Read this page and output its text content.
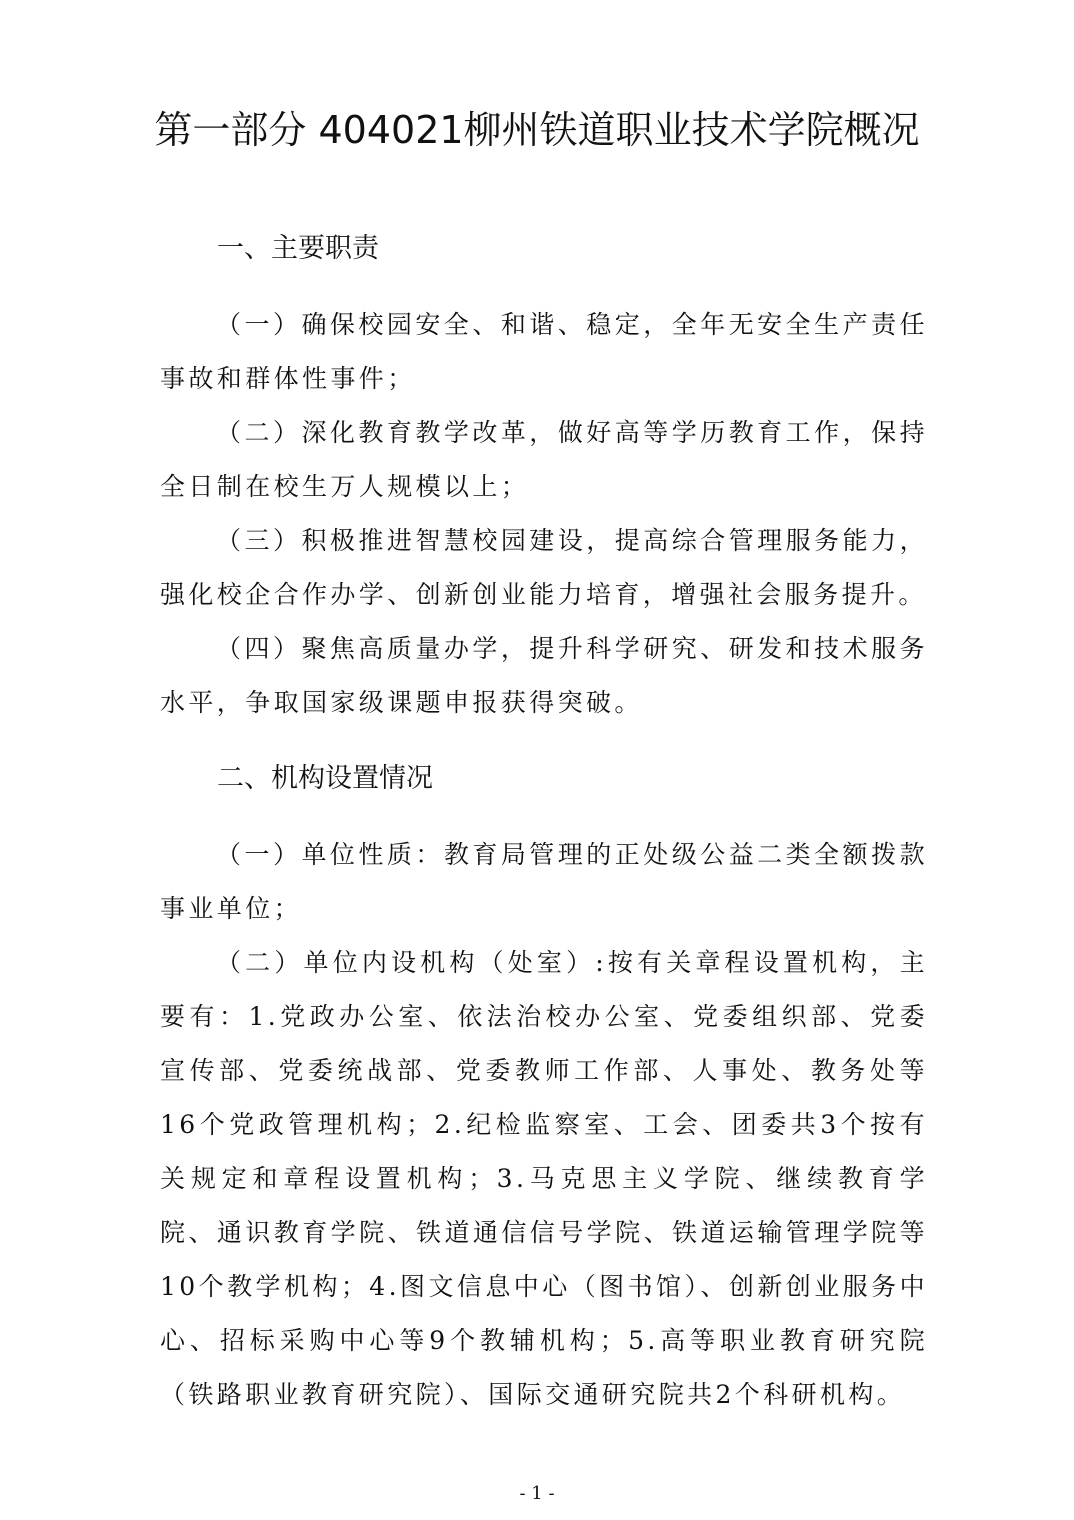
第一部分 404021柳州铁道职业技术学院概况
一、主要职责

（一）确保校园安全、和谐、稳定，全年无安全生产责任事故和群体性事件；

（二）深化教育教学改革，做好高等学历教育工作，保持全日制在校生万人规模以上；

（三）积极推进智慧校园建设，提高综合管理服务能力，强化校企合作办学、创新创业能力培育，增强社会服务提升。

（四）聚焦高质量办学，提升科学研究、研发和技术服务水平，争取国家级课题申报获得突破。

二、机构设置情况

（一）单位性质：教育局管理的正处级公益二类全额拨款事业单位；

（二）单位内设机构（处室）:按有关章程设置机构，主要有：1.党政办公室、依法治校办公室、党委组织部、党委宣传部、党委统战部、党委教师工作部、人事处、教务处等16个党政管理机构；2.纪检监察室、工会、团委共3个按有关规定和章程设置机构；3.马克思主义学院、继续教育学院、通识教育学院、铁道通信信号学院、铁道运输管理学院等10个教学机构；4.图文信息中心（图书馆）、创新创业服务中心、招标采购中心等9个教辅机构；5.高等职业教育研究院（铁路职业教育研究院）、国际交通研究院共2个科研机构。

- 1 -
